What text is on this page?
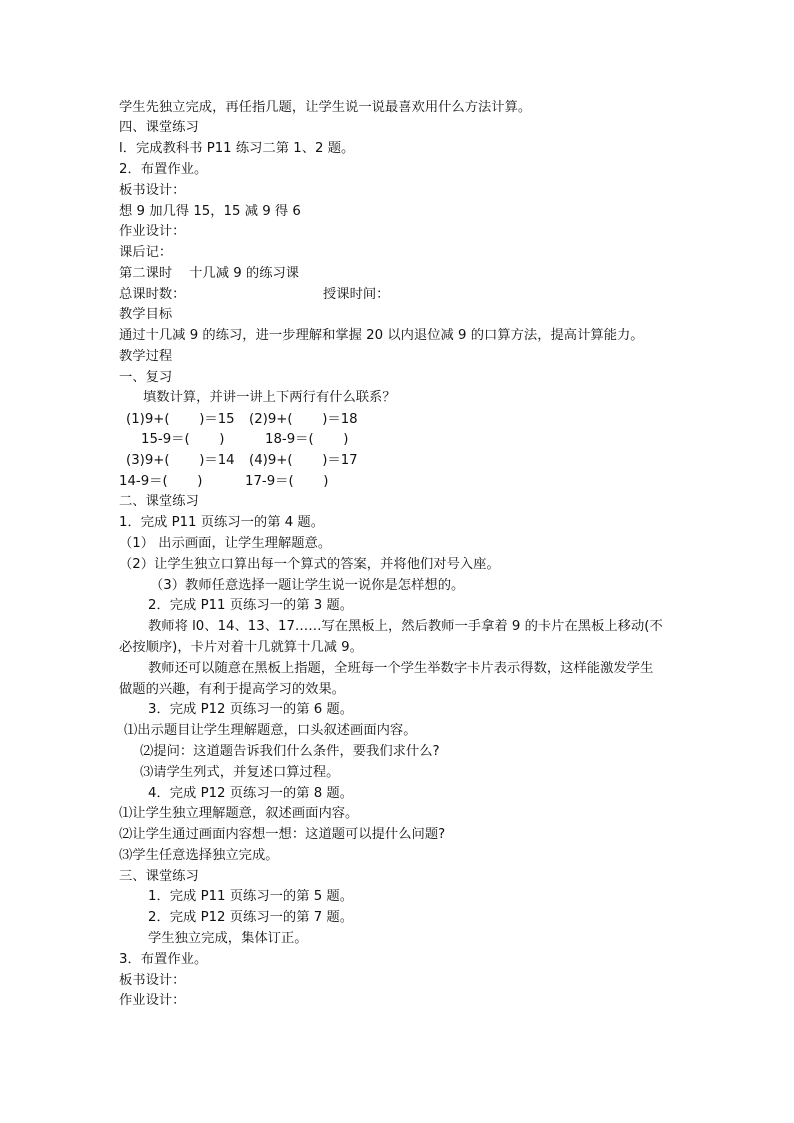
学生先独立完成，再任指几题，让学生说一说最喜欢用什么方法计算。
四、课堂练习
l．完成教科书 P11 练习二第 1、2 题。
2．布置作业。
板书设计：
想 9 加几得 15，15 减 9 得 6
作业设计：
课后记：
第二课时    十几减 9 的练习课
总课时数：	授课时间：
教学目标
通过十几减 9 的练习，进一步理解和掌握 20 以内退位减 9 的口算方法，提高计算能力。
教学过程
一、复习
填数计算，并讲一讲上下两行有什么联系？
(1)9+(       )＝15 (2)9+(       )＝18
15-9＝(       )	18-9＝(       )
(3)9+(       )＝14 (4)9+(       )＝17
14-9＝(       )	17-9＝(       )
二、课堂练习
1．完成 P11 页练习一的第 4 题。
（1） 出示画面，让学生理解题意。
（2）让学生独立口算出每一个算式的答案，并将他们对号入座。
（3）教师任意选择一题让学生说一说你是怎样想的。
2．完成 P11 页练习一的第 3 题。
教师将 l0、14、13、17……写在黑板上，然后教师一手拿着 9 的卡片在黑板上移动(不
必按顺序)，卡片对着十几就算十几减 9。
教师还可以随意在黑板上指题，全班每一个学生举数字卡片表示得数，这样能激发学生
做题的兴趣，有利于提高学习的效果。
3．完成 P12 页练习一的第 6 题。
⑴出示题目让学生理解题意，口头叙述画面内容。
⑵提问：这道题告诉我们什么条件，要我们求什么?
⑶请学生列式，并复述口算过程。
4．完成 P12 页练习一的第 8 题。
⑴让学生独立理解题意，叙述画面内容。
⑵让学生通过画面内容想一想：这道题可以提什么问题?
⑶学生任意选择独立完成。
三、课堂练习
1．完成 P11 页练习一的第 5 题。
2．完成 P12 页练习一的第 7 题。
学生独立完成，集体订正。
3．布置作业。
板书设计：
作业设计：
